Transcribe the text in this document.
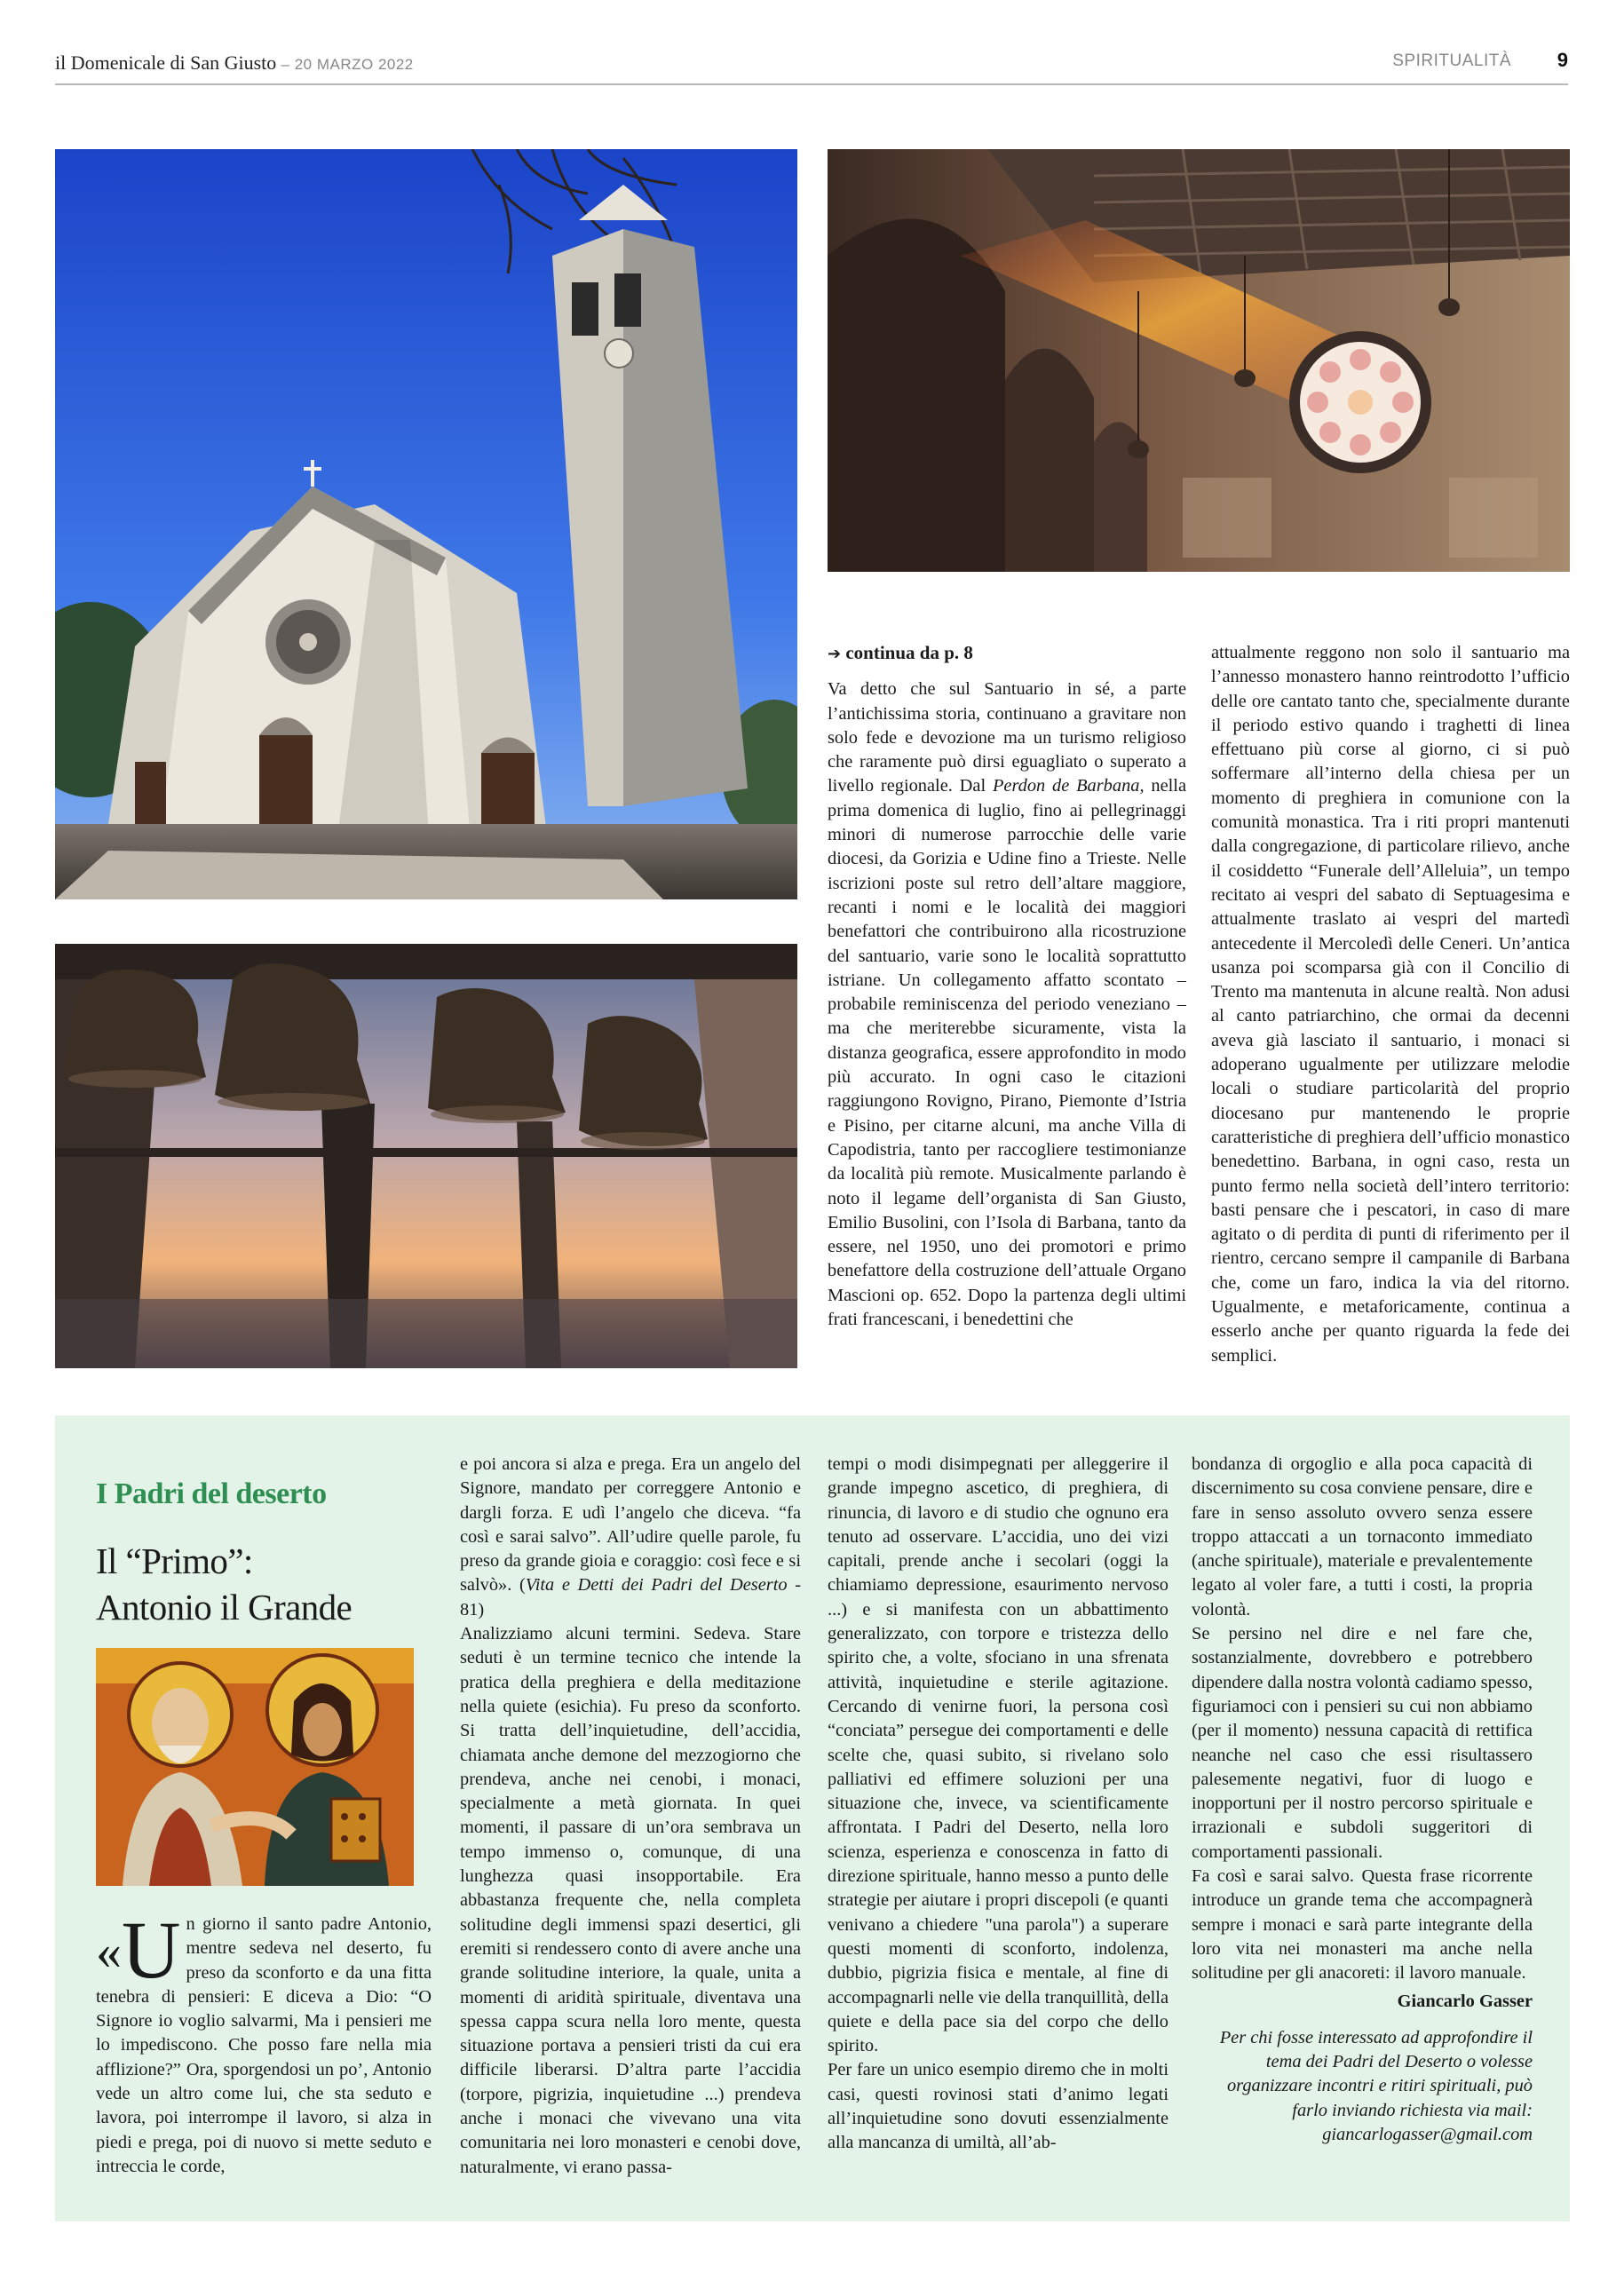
il Domenicale di San Giusto – 20 MARZO 2022	SPIRITUALITÀ 9
➔ continua da p. 8

Va detto che sul Santuario in sé, a parte l’antichissima storia, continuano a gravitare non solo fede e devozione ma un turismo religioso che raramente può dirsi eguagliato o superato a livello regionale. Dal Perdon de Barbana, nella prima domenica di luglio, fino ai pellegrinaggi minori di numerose parrocchie delle varie diocesi, da Gorizia e Udine fino a Trieste. Nelle iscrizioni poste sul retro dell’altare maggiore, recanti i nomi e le località dei maggiori benefattori che contribuirono alla ricostruzione del santuario, varie sono le località soprattutto istriane. Un collegamento affatto scontato – probabile reminiscenza del periodo veneziano – ma che meriterebbe sicuramente, vista la distanza geografica, essere approfondito in modo più accurato. In ogni caso le citazioni raggiungono Rovigno, Pirano, Piemonte d’Istria e Pisino, per citarne alcuni, ma anche Villa di Capodistria, tanto per raccogliere testimonianze da località più remote. Musicalmente parlando è noto il legame dell’organista di San Giusto, Emilio Busolini, con l’Isola di Barbana, tanto da essere, nel 1950, uno dei promotori e primo benefattore della costruzione dell’attuale Organo Mascioni op. 652. Dopo la partenza degli ultimi frati francescani, i benedettini che

attualmente reggono non solo il santuario ma l’annesso monastero hanno reintrodotto l’ufficio delle ore cantato tanto che, specialmente durante il periodo estivo quando i traghetti di linea effettuano più corse al giorno, ci si può soffermare all’interno della chiesa per un momento di preghiera in comunione con la comunità monastica. Tra i riti propri mantenuti dalla congregazione, di particolare rilievo, anche il cosiddetto “Funerale dell’Alleluia”, un tempo recitato ai vespri del sabato di Septuagesima e attualmente traslato ai vespri del martedì antecedente il Mercoledì delle Ceneri. Un’antica usanza poi scomparsa già con il Concilio di Trento ma mantenuta in alcune realtà. Non adusi al canto patriarchino, che ormai da decenni aveva già lasciato il santuario, i monaci si adoperano ugualmente per utilizzare melodie locali o studiare particolarità del proprio diocesano pur mantenendo le proprie caratteristiche di preghiera dell’ufficio monastico benedettino. Barbana, in ogni caso, resta un punto fermo nella società dell’intero territorio: basti pensare che i pescatori, in caso di mare agitato o di perdita di punti di riferimento per il rientro, cercano sempre il campanile di Barbana che, come un faro, indica la via del ritorno. Ugualmente, e metaforicamente, continua a esserlo anche per quanto riguarda la fede dei semplici.

I Padri del deserto
Il “Primo”:
Antonio il Grande
« U n giorno il santo padre Antonio, mentre sedeva nel deserto, fu preso da sconforto e da una fitta tenebra di pensieri: E diceva a Dio: “O Signore io voglio salvarmi, Ma i pensieri me lo impediscono. Che posso fare nella mia afflizione?” Ora, sporgendosi un po’, Antonio vede un altro come lui, che sta seduto e lavora, poi interrompe il lavoro, si alza in piedi e prega, poi di nuovo si mette seduto e intreccia le corde,

e poi ancora si alza e prega. Era un angelo del Signore, mandato per correggere Antonio e dargli forza. E udì l’angelo che diceva. “fa così e sarai salvo”. All’udire quelle parole, fu preso da grande gioia e coraggio: così fece e si salvò». (Vita e Detti dei Padri del Deserto - 81)

Analizziamo alcuni termini. Sedeva. Stare seduti è un termine tecnico che intende la pratica della preghiera e della meditazione nella quiete (esichia). Fu preso da sconforto. Si tratta dell’inquietudine, dell’accidia, chiamata anche demone del mezzogiorno che prendeva, anche nei cenobi, i monaci, specialmente a metà giornata. In quei momenti, il passare di un’ora sembrava un tempo immenso o, comunque, di una lunghezza quasi insopportabile. Era abbastanza frequente che, nella completa solitudine degli immensi spazi desertici, gli eremiti si rendessero conto di avere anche una grande solitudine interiore, la quale, unita a momenti di aridità spirituale, diventava una spessa cappa scura nella loro mente, questa situazione portava a pensieri tristi da cui era difficile liberarsi. D’altra parte l’accidia (torpore, pigrizia, inquietudine ...) prendeva anche i monaci che vivevano una vita comunitaria nei loro monasteri e cenobi dove, naturalmente, vi erano passa-

tempi o modi disimpegnati per alleggerire il grande impegno ascetico, di preghiera, di rinuncia, di lavoro e di studio che ognuno era tenuto ad osservare. L’accidia, uno dei vizi capitali, prende anche i secolari (oggi la chiamiamo depressione, esaurimento nervoso ...) e si manifesta con un abbattimento generalizzato, con torpore e tristezza dello spirito che, a volte, sfociano in una sfrenata attività, inquietudine e sterile agitazione. Cercando di venirne fuori, la persona così “conciata” persegue dei comportamenti e delle scelte che, quasi subito, si rivelano solo palliativi ed effimere soluzioni per una situazione che, invece, va scientificamente affrontata. I Padri del Deserto, nella loro scienza, esperienza e conoscenza in fatto di direzione spirituale, hanno messo a punto delle strategie per aiutare i propri discepoli (e quanti venivano a chiedere "una parola") a superare questi momenti di sconforto, indolenza, dubbio, pigrizia fisica e mentale, al fine di accompagnarli nelle vie della tranquillità, della quiete e della pace sia del corpo che dello spirito.

Per fare un unico esempio diremo che in molti casi, questi rovinosi stati d’animo legati all’inquietudine sono dovuti essenzialmente alla mancanza di umiltà, all’ab-

bondanza di orgoglio e alla poca capacità di discernimento su cosa conviene pensare, dire e fare in senso assoluto ovvero senza essere troppo attaccati a un tornaconto immediato (anche spirituale), materiale e prevalentemente legato al voler fare, a tutti i costi, la propria volontà.

Se persino nel dire e nel fare che, sostanzialmente, dovrebbero e potrebbero dipendere dalla nostra volontà cadiamo spesso, figuriamoci con i pensieri su cui non abbiamo (per il momento) nessuna capacità di rettifica neanche nel caso che essi risultassero palesemente negativi, fuor di luogo e inopportuni per il nostro percorso spirituale e irrazionali e subdoli suggeritori di comportamenti passionali.

Fa così e sarai salvo. Questa frase ricorrente introduce un grande tema che accompagnerà sempre i monaci e sarà parte integrante della loro vita nei monasteri ma anche nella solitudine per gli anacoreti: il lavoro manuale.

Giancarlo Gasser

Per chi fosse interessato ad approfondire il tema dei Padri del Deserto o volesse organizzare incontri e ritiri spirituali, può farlo inviando richiesta via mail: giancarlogasser@gmail.com
